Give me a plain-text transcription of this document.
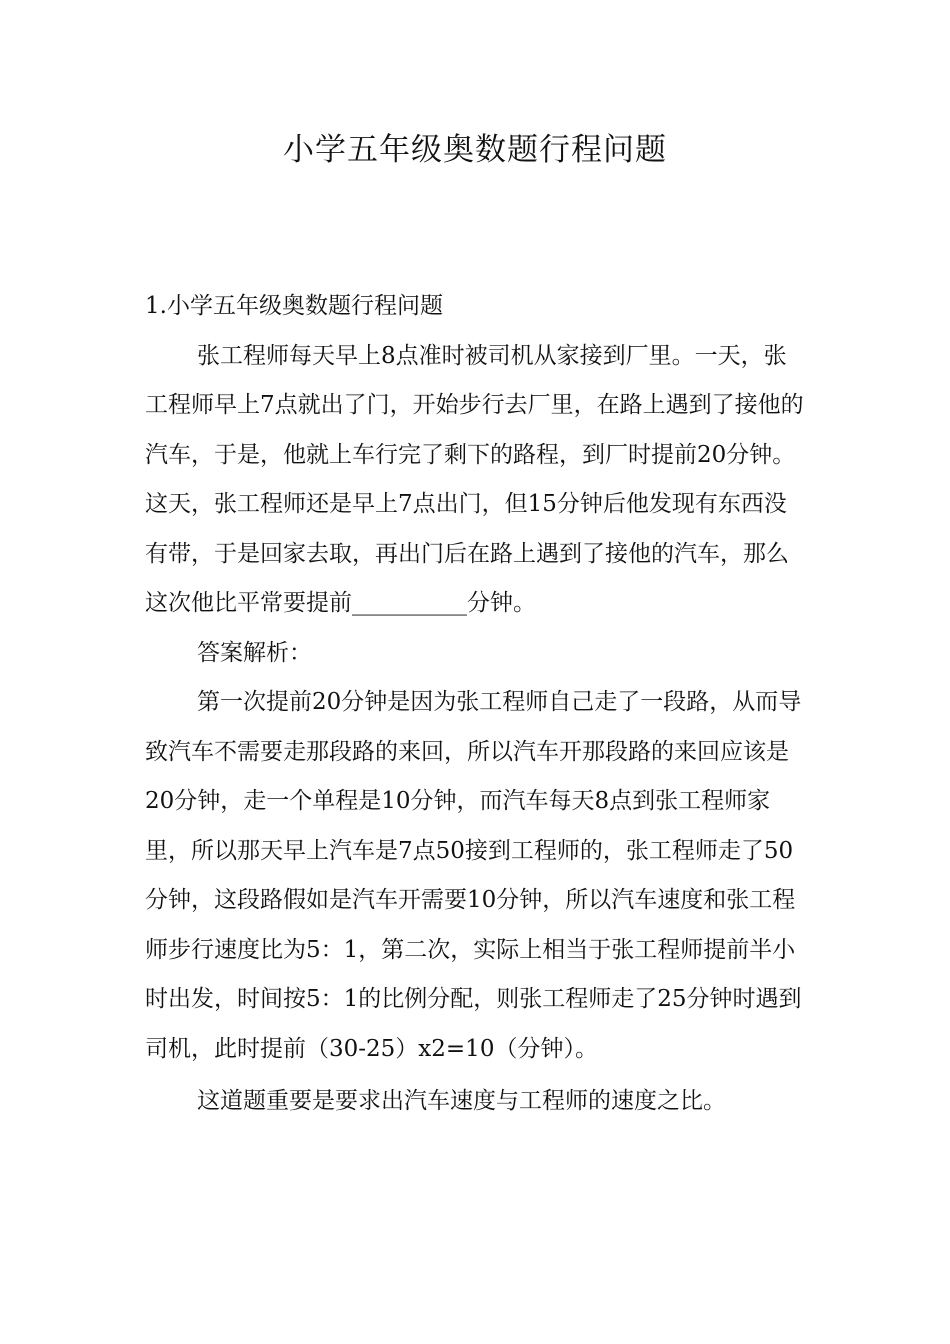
小学五年级奥数题行程问题

1.小学五年级奥数题行程问题

张工程师每天早上8点准时被司机从家接到厂里。一天，张工程师早上7点就出了门，开始步行去厂里，在路上遇到了接他的汽车，于是，他就上车行完了剩下的路程，到厂时提前20分钟。这天，张工程师还是早上7点出门，但15分钟后他发现有东西没有带，于是回家去取，再出门后在路上遇到了接他的汽车，那么这次他比平常要提前__________分钟。

答案解析：

第一次提前20分钟是因为张工程师自己走了一段路，从而导致汽车不需要走那段路的来回，所以汽车开那段路的来回应该是20分钟，走一个单程是10分钟，而汽车每天8点到张工程师家里，所以那天早上汽车是7点50接到工程师的，张工程师走了50分钟，这段路假如是汽车开需要10分钟，所以汽车速度和张工程师步行速度比为5：1，第二次，实际上相当于张工程师提前半小时出发，时间按5：1的比例分配，则张工程师走了25分钟时遇到司机，此时提前（30-25）x2=10（分钟）。

这道题重要是要求出汽车速度与工程师的速度之比。
